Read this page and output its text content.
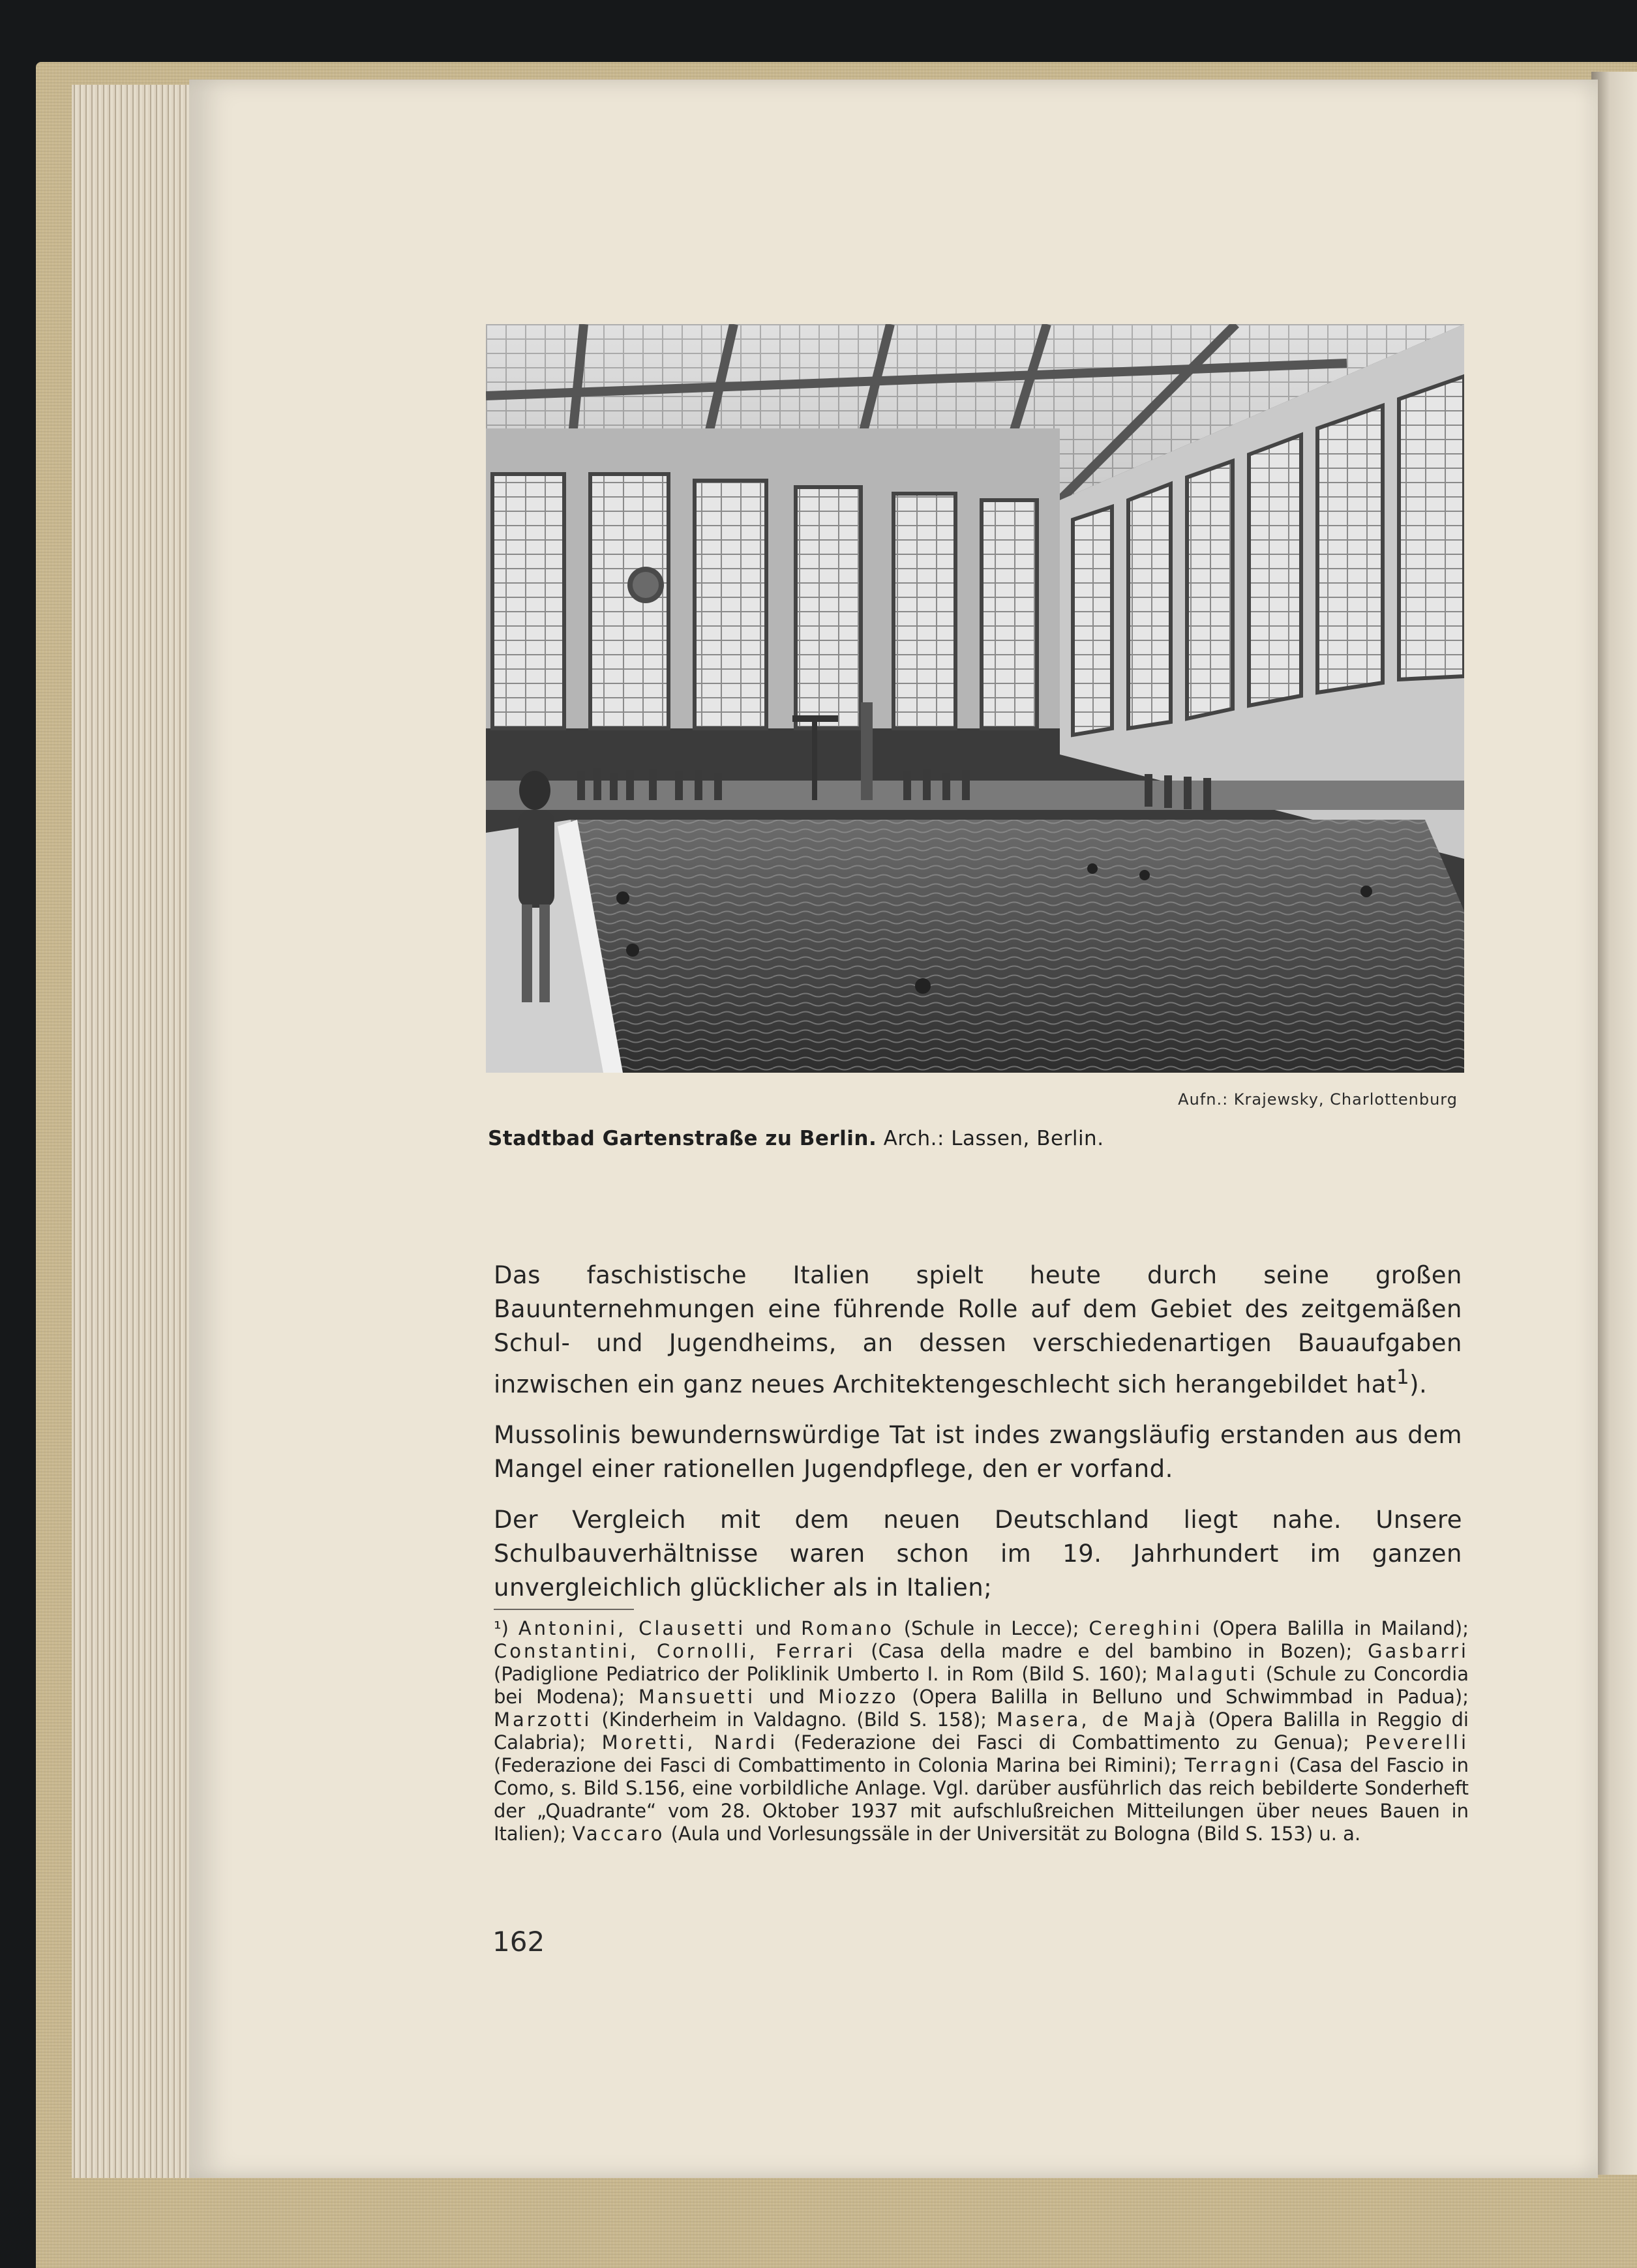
Aufn.: Krajewsky, Charlottenburg
Stadtbad Gartenstraße zu Berlin. Arch.: Lassen, Berlin.

Das faschistische Italien spielt heute durch seine großen Bauunternehmungen eine führende Rolle auf dem Gebiet des zeitgemäßen Schul- und Jugendheims, an dessen verschiedenartigen Bauaufgaben inzwischen ein ganz neues Architektengeschlecht sich herangebildet hat$^1$).

Mussolinis bewundernswürdige Tat ist indes zwangsläufig erstanden aus dem Mangel einer rationellen Jugendpflege, den er vorfand.

Der Vergleich mit dem neuen Deutschland liegt nahe. Unsere Schulbauverhältnisse waren schon im 19. Jahrhundert im ganzen unvergleichlich glücklicher als in Italien;

¹) Antonini, Clausetti und Romano (Schule in Lecce); Cereghini (Opera Balilla in Mailand); Constantini, Cornolli, Ferrari (Casa della madre e del bambino in Bozen); Gasbarri (Padiglione Pediatrico der Poliklinik Umberto I. in Rom (Bild S. 160); Malaguti (Schule zu Concordia bei Modena); Mansuetti und Miozzo (Opera Balilla in Belluno und Schwimmbad in Padua); Marzotti (Kinderheim in Valdagno. (Bild S. 158); Masera, de Majà (Opera Balilla in Reggio di Calabria); Moretti, Nardi (Federazione dei Fasci di Combattimento zu Genua); Peverelli (Federazione dei Fasci di Combattimento in Colonia Marina bei Rimini); Terragni (Casa del Fascio in Como, s. Bild S.156, eine vorbildliche Anlage. Vgl. darüber ausführlich das reich bebilderte Sonderheft der „Quadrante“ vom 28. Oktober 1937 mit aufschlußreichen Mitteilungen über neues Bauen in Italien); Vaccaro (Aula und Vorlesungssäle in der Universität zu Bologna (Bild S. 153) u. a.
162
